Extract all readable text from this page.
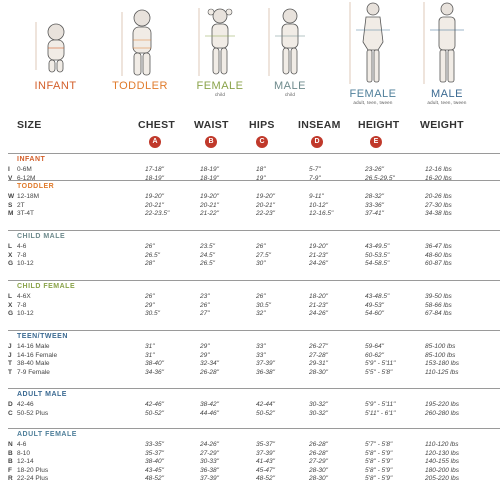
INFANT	TODDLER	FEMALE
child
MALE
child	FEMALE
adult, teen, tween
MALE
adult, teen, tween
SIZE	CHEST WAIST HIPS INSEAM HEIGHT WEIGHT
A	B	C	D	E
INFANT
I 0-6M	17-18"	18-19"	18"	5-7"	23-26"	12-16 lbs
V 6-12M	18-19"	18-19"	19"	7-9"	26.5-29.5"	16-20 lbs
TODDLER
W 12-18M	19-20"	19-20"	19-20"	9-11"	28-32"	20-26 lbs
S 2T	20-21"	20-21"	20-21"	10-12"	33-36"	27-30 lbs
M 3T-4T	22-23.5"	21-22"	22-23"	12-16.5"	37-41"	34-38 lbs
CHILD MALE
L 4-6	26"	23.5"	26"	19-20"	43-49.5"	36-47 lbs
X 7-8	26.5"	24.5"	27.5"	21-23"	50-53.5"	48-60 lbs
G 10-12	28"	26.5"	30"	24-26"	54-58.5"	60-87 lbs
CHILD FEMALE
L 4-6X	26"	23"	26"	18-20"	43-48.5"	39-50 lbs
X 7-8	29"	26"	30.5"	21-23"	49-53"	58-66 lbs
G 10-12	30.5"	27"	32"	24-26"	54-60"	67-84 lbs
TEEN/TWEEN
J 14-16 Male	31"	29"	33"	26-27"	59-64"	85-100 lbs
J 14-16 Female	31"	29"	33"	27-28"	60-62"	85-100 lbs
T 38-40 Male	38-40"	32-34"	37-39"	29-31"	5'9" - 5'11"	153-180 lbs
T 7-9 Female	34-36"	26-28"	36-38"	28-30"	5'5" - 5'8"	110-125 lbs
ADULT MALE
D 42-46	42-46"	38-42"	42-44"	30-32"	5'9" - 5'11"	195-220 lbs
C 50-52 Plus	50-52"	44-46"	50-52"	30-32"	5'11" - 6'1"	260-280 lbs
ADULT FEMALE
N 4-6	33-35"	24-26"	35-37"	26-28"	5'7" - 5'8"	110-120 lbs
B 8-10	35-37"	27-29"	37-39"	26-28"	5'8" - 5'9"	120-130 lbs
B 12-14	38-40"	30-33"	41-43"	27-29"	5'8" - 5'9"	140-155 lbs
F 18-20 Plus	43-45"	36-38"	45-47"	28-30"	5'8" - 5'9"	180-200 lbs
R 22-24 Plus	48-52"	37-39"	48-52"	28-30"	5'8" - 5'9"	205-220 lbs
